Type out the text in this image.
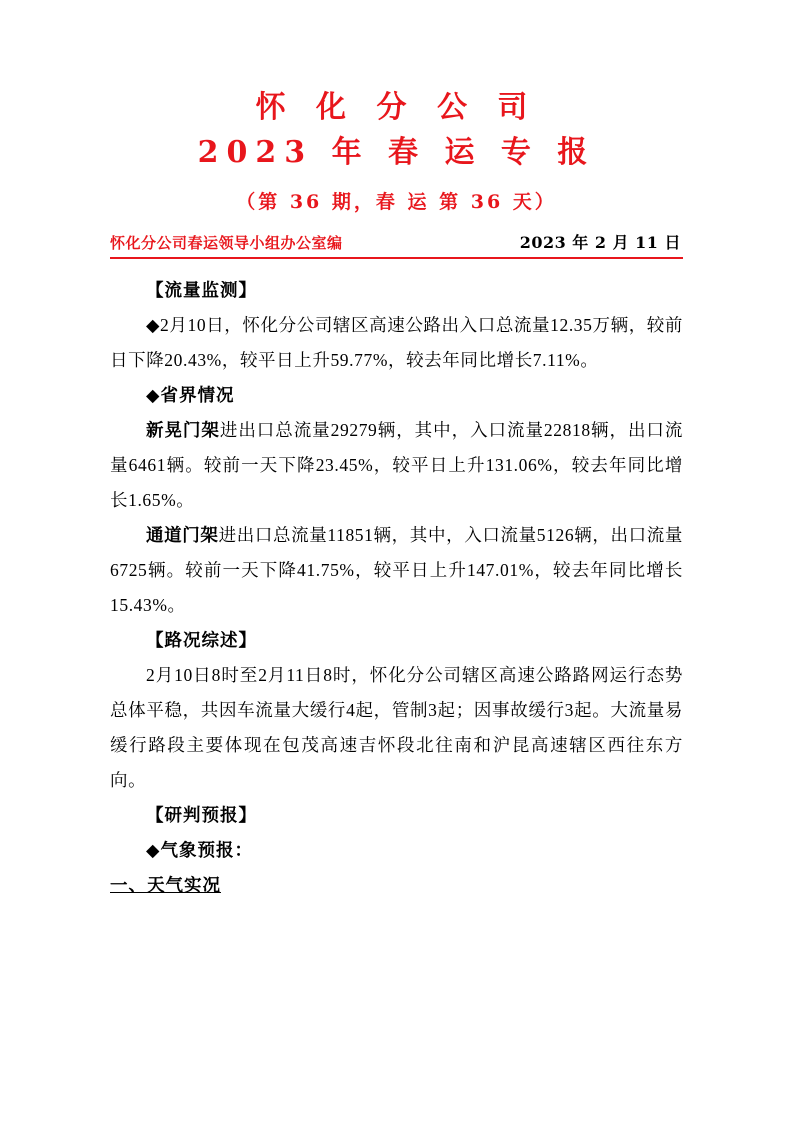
怀 化 分 公 司
2023 年 春 运 专 报
（第 36 期，春 运 第 36 天）
怀化分公司春运领导小组办公室编	2023 年 2 月 11 日

【流量监测】

◆2月10日，怀化分公司辖区高速公路出入口总流量12.35万辆，较前日下降20.43%，较平日上升59.77%，较去年同比增长7.11%。

◆省界情况

新晃门架进出口总流量29279辆，其中，入口流量22818辆，出口流量6461辆。较前一天下降23.45%，较平日上升131.06%，较去年同比增长1.65%。

通道门架进出口总流量11851辆，其中，入口流量5126辆，出口流量6725辆。较前一天下降41.75%，较平日上升147.01%，较去年同比增长15.43%。

【路况综述】

2月10日8时至2月11日8时，怀化分公司辖区高速公路路网运行态势总体平稳，共因车流量大缓行4起，管制3起；因事故缓行3起。大流量易缓行路段主要体现在包茂高速吉怀段北往南和沪昆高速辖区西往东方向。

【研判预报】

◆气象预报：

一、天气实况
